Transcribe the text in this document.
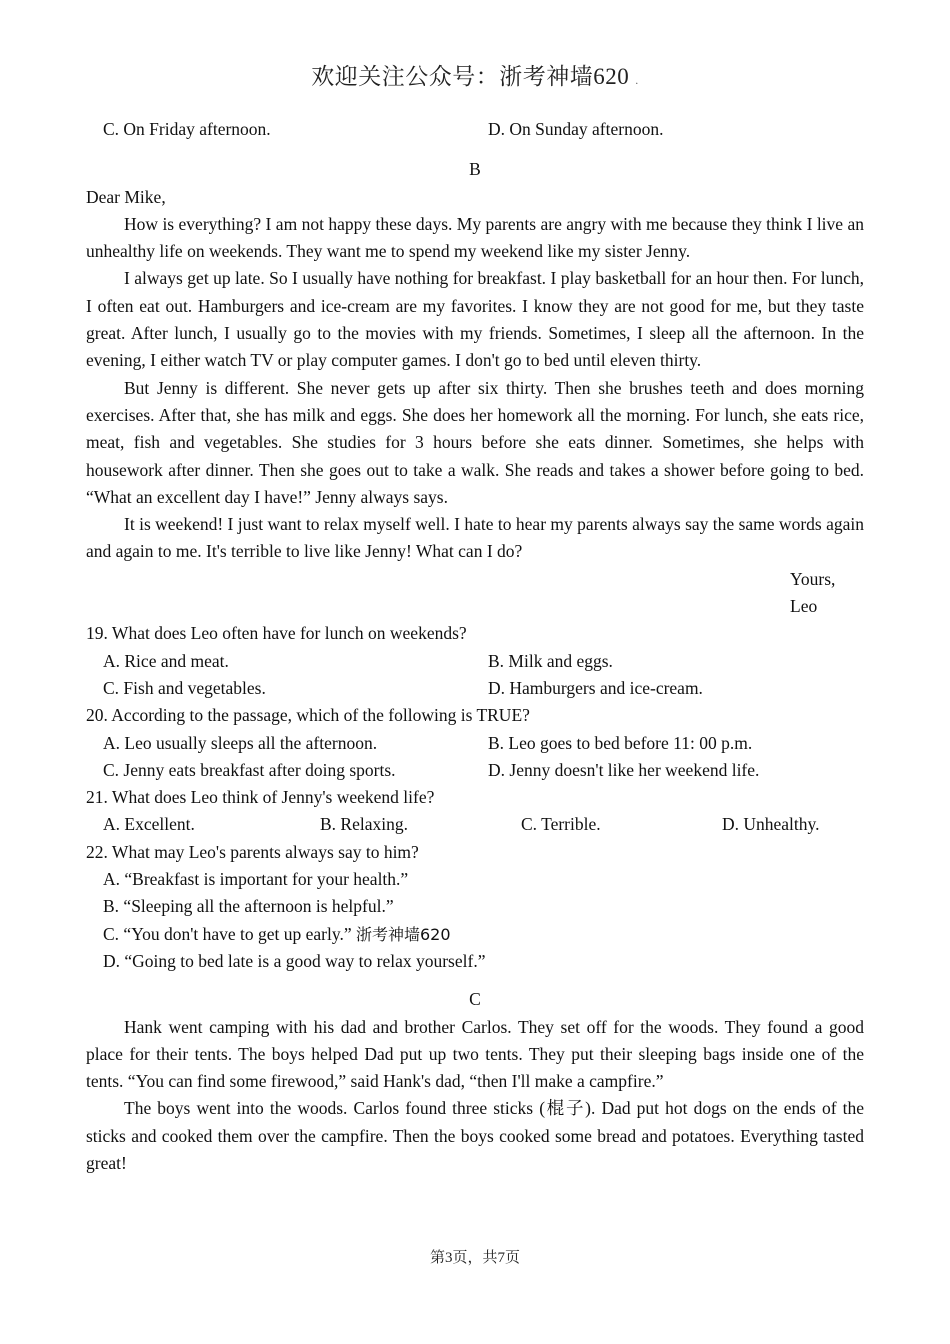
欢迎关注公众号：浙考神墙620 .
C. On Friday afternoon.	D. On Sunday afternoon.
B
Dear Mike,

How is everything? I am not happy these days. My parents are angry with me because they think I live an unhealthy life on weekends. They want me to spend my weekend like my sister Jenny.

I always get up late. So I usually have nothing for breakfast. I play basketball for an hour then. For lunch, I often eat out. Hamburgers and ice-cream are my favorites. I know they are not good for me, but they taste great. After lunch, I usually go to the movies with my friends. Sometimes, I sleep all the afternoon. In the evening, I either watch TV or play computer games. I don't go to bed until eleven thirty.

But Jenny is different. She never gets up after six thirty. Then she brushes teeth and does morning exercises. After that, she has milk and eggs. She does her homework all the morning. For lunch, she eats rice, meat, fish and vegetables. She studies for 3 hours before she eats dinner. Sometimes, she helps with housework after dinner. Then she goes out to take a walk. She reads and takes a shower before going to bed. “What an excellent day I have!” Jenny always says.

It is weekend! I just want to relax myself well. I hate to hear my parents always say the same words again and again to me. It's terrible to live like Jenny! What can I do?

Yours,
Leo
19. What does Leo often have for lunch on weekends?
A. Rice and meat.	B. Milk and eggs.
C. Fish and vegetables.	D. Hamburgers and ice-cream.
20. According to the passage, which of the following is TRUE?
A. Leo usually sleeps all the afternoon.	B. Leo goes to bed before 11: 00 p.m.
C. Jenny eats breakfast after doing sports.	D. Jenny doesn't like her weekend life.
21. What does Leo think of Jenny's weekend life?
A. Excellent.	B. Relaxing.	C. Terrible.	D. Unhealthy.
22. What may Leo's parents always say to him?
A. “Breakfast is important for your health.”
B. “Sleeping all the afternoon is helpful.”
C. “You don't have to get up early.” 浙考神墙620
D. “Going to bed late is a good way to relax yourself.”
C

Hank went camping with his dad and brother Carlos. They set off for the woods. They found a good place for their tents. The boys helped Dad put up two tents. They put their sleeping bags inside one of the tents. “You can find some firewood,” said Hank's dad, “then I'll make a campfire.”

The boys went into the woods. Carlos found three sticks (棍子). Dad put hot dogs on the ends of the sticks and cooked them over the campfire. Then the boys cooked some bread and potatoes. Everything tasted great!

第3页，共7页
